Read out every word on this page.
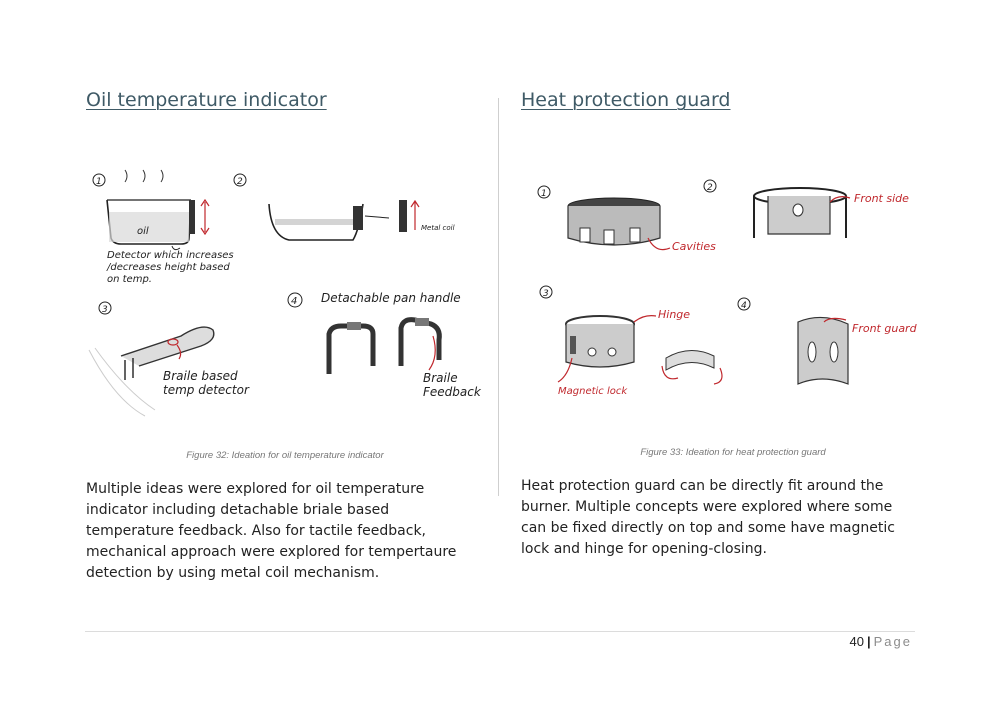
Oil temperature indicator	Heat protection guard
1
oil
Detector which increases
/decreases height based
on temp.
2
Metal coil
3
Braile based
temp detector
4 Detachable pan handle
Braile
Feedback
1
Cavities
2
Front side
3
Hinge
Magnetic lock
4
Front guard
Figure 32: Ideation for oil temperature indicator	Figure 33: Ideation for heat protection guard

Multiple ideas were explored for oil temperature indicator including detachable briale based temperature feedback. Also for tactile feedback, mechanical approach were explored for tempertaure detection by using metal coil mechanism.

Heat protection guard can be directly fit around the burner. Multiple concepts were explored where some can be fixed directly on top and some have magnetic lock and hinge for opening-closing.

40 | Page
